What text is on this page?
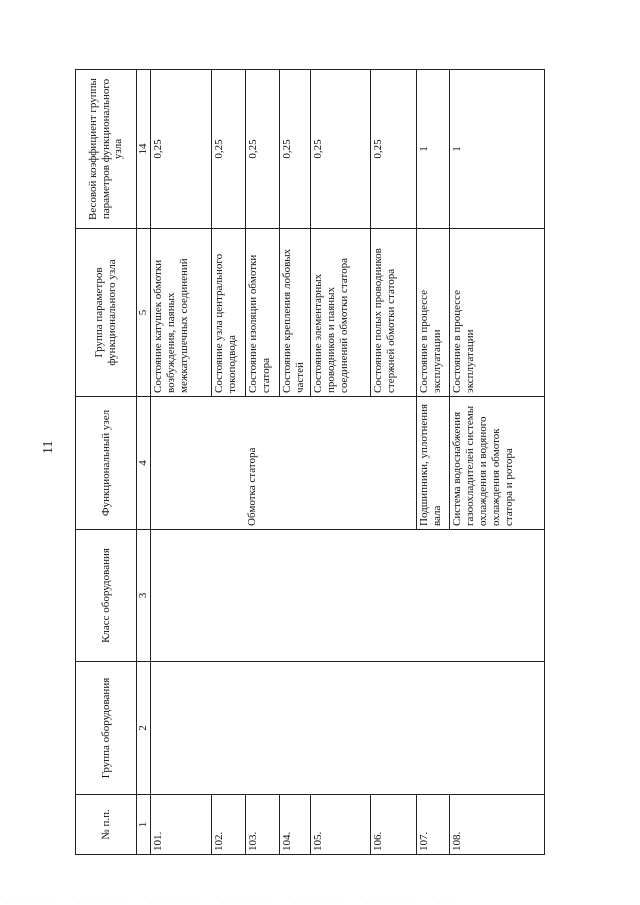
11
№ п.п.	Группа оборудования	Класс оборудования	Функциональный узел	Группа параметров функционального узла	Весовой коэффициент группы параметров функционального узла
1	2	3	4	5	14
101.				Состояние катушек обмотки возбуждения, паяных межкатушечных соединений	0,25
102.				Состояние узла центрального токоподвода	0,25
103.			Обмотка статора	Состояние изоляции обмотки статора	0,25
104.				Состояние крепления лобовых частей	0,25
105.				Состояние элементарных проводников и паяных соединений обмотки статора	0,25
106.				Состояние полых проводников стержней обмотки статора	0,25
107.			Подшипники, уплотнения вала	Состояние в процессе эксплуатации	1
108.			Система водоснабжения газоохладителей системы охлаждения и водяного охлаждения обмоток статора и ротора	Состояние в процессе эксплуатации	1
. . . . . . . . . . . . . . . . . . . . . . . . . . . . . . . . . . . . . . . . . . . . . . . . . . .
